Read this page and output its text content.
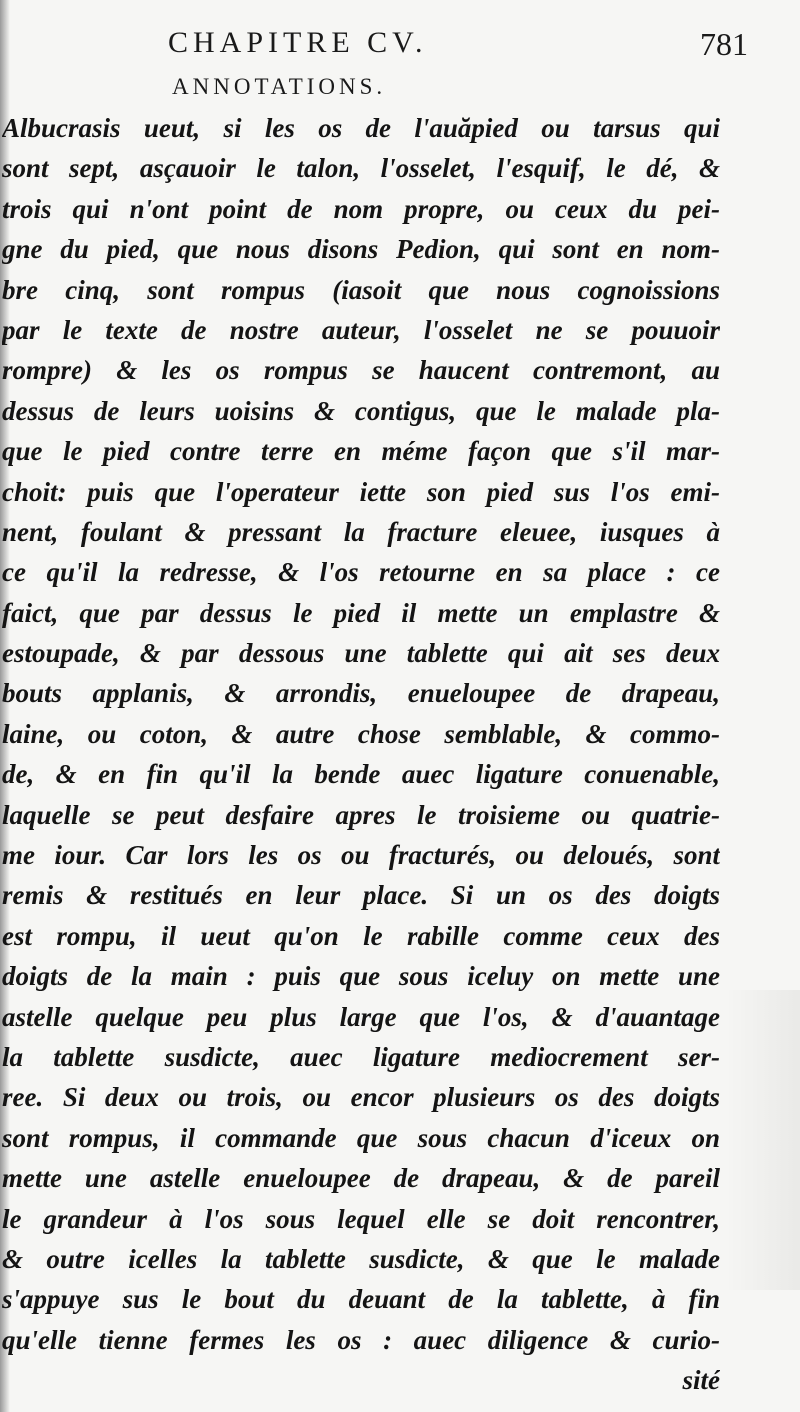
CHAPITRE CV.	781
ANNOTATIONS.
Albucrasis ueut, si les os de l'auăpied ou tarsus qui
sont sept, asçauoir le talon, l'osselet, l'esquif, le dé, &
trois qui n'ont point de nom propre, ou ceux du pei-
gne du pied, que nous disons Pedion, qui sont en nom-
bre cinq, sont rompus (iasoit que nous cognoissions
par le texte de nostre auteur, l'osselet ne se pouuoir
rompre) & les os rompus se haucent contremont, au
dessus de leurs uoisins & contigus, que le malade pla-
que le pied contre terre en méme façon que s'il mar-
choit: puis que l'operateur iette son pied sus l'os emi-
nent, foulant & pressant la fracture eleuee, iusques à
ce qu'il la redresse, & l'os retourne en sa place : ce
faict, que par dessus le pied il mette un emplastre &
estoupade, & par dessous une tablette qui ait ses deux
bouts applanis, & arrondis, enueloupee de drapeau,
laine, ou coton, & autre chose semblable, & commo-
de, & en fin qu'il la bende auec ligature conuenable,
laquelle se peut desfaire apres le troisieme ou quatrie-
me iour. Car lors les os ou fracturés, ou deloués, sont
remis & restitués en leur place. Si un os des doigts
est rompu, il ueut qu'on le rabille comme ceux des
doigts de la main : puis que sous iceluy on mette une
astelle quelque peu plus large que l'os, & d'auantage
la tablette susdicte, auec ligature mediocrement ser-
ree. Si deux ou trois, ou encor plusieurs os des doigts
sont rompus, il commande que sous chacun d'iceux on
mette une astelle enueloupee de drapeau, & de pareil
le grandeur à l'os sous lequel elle se doit rencontrer,
& outre icelles la tablette susdicte, & que le malade
s'appuye sus le bout du deuant de la tablette, à fin
qu'elle tienne fermes les os : auec diligence & curio-
sité
